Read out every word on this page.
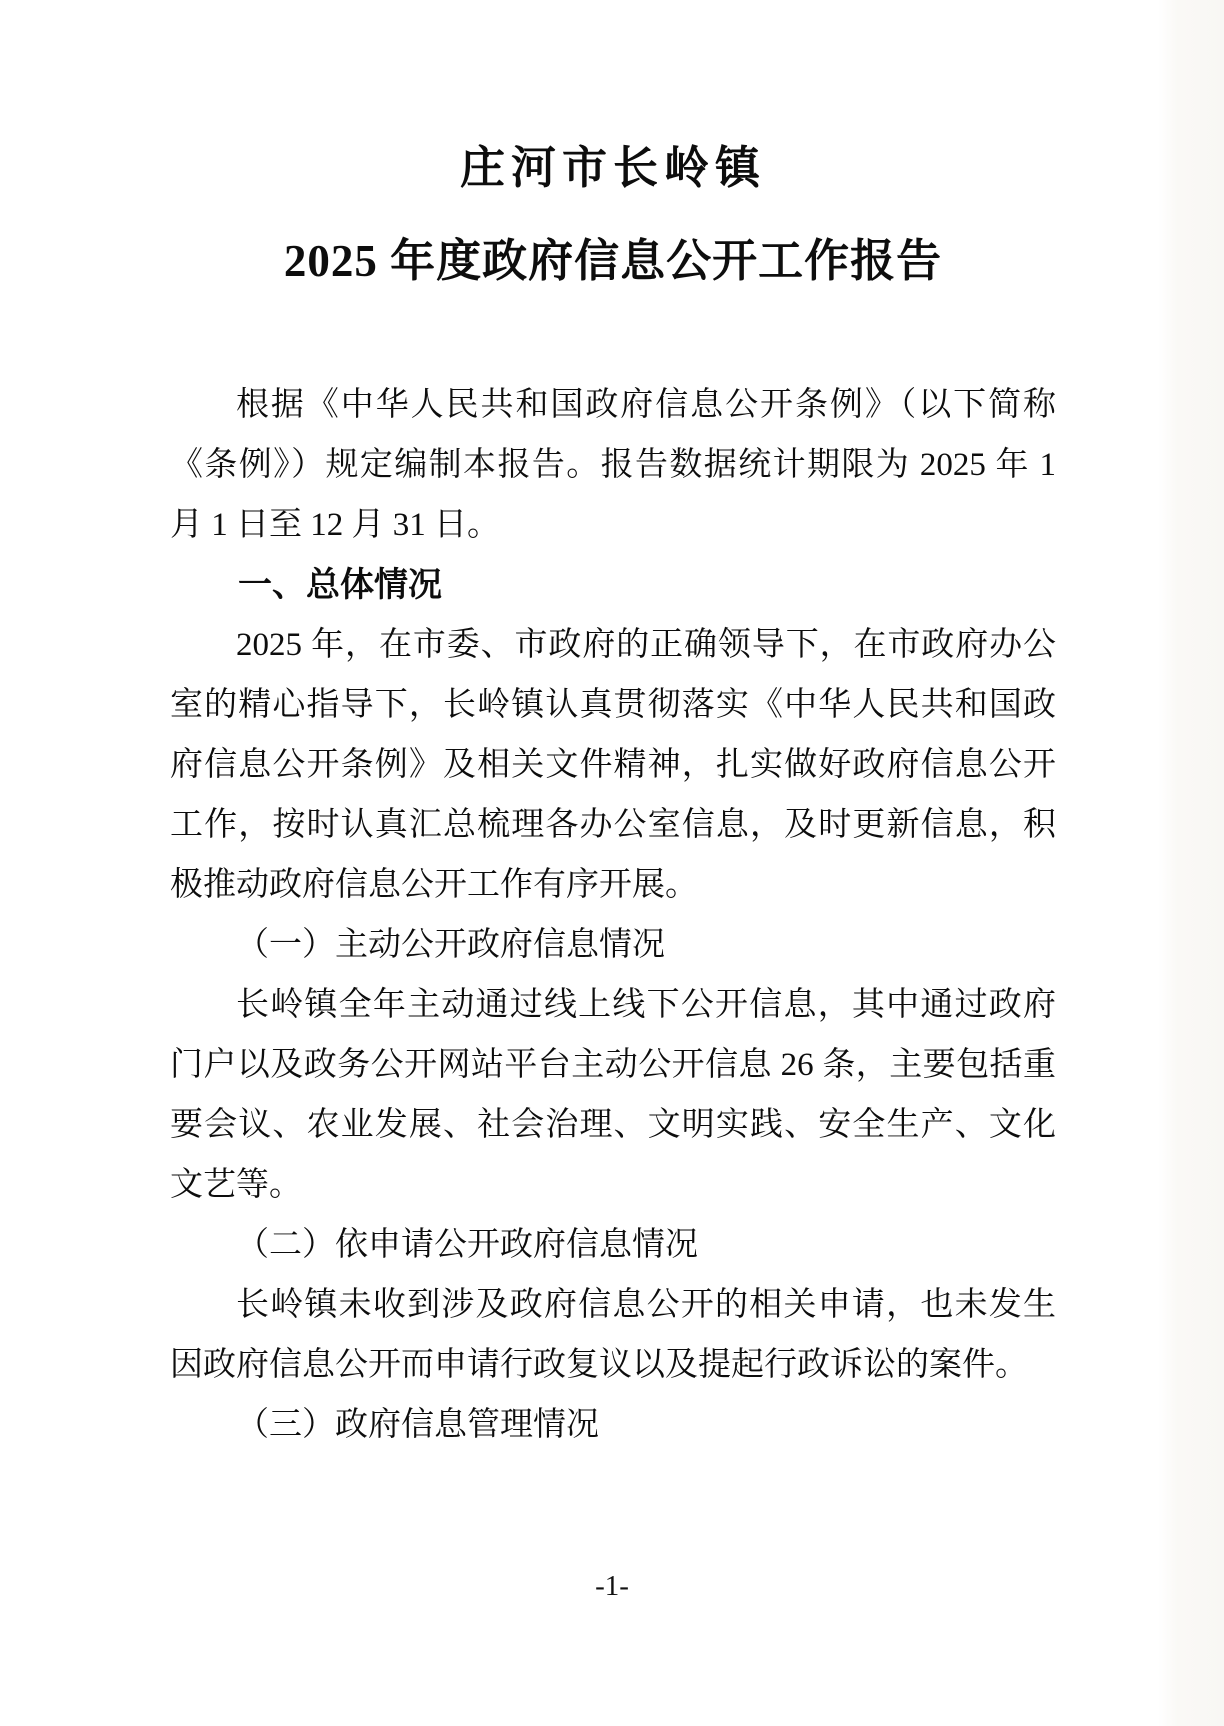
庄河市长岭镇
2025 年度政府信息公开工作报告

根据《中华人民共和国政府信息公开条例》（以下简称《条例》）规定编制本报告。报告数据统计期限为 2025 年 1 月 1 日至 12 月 31 日。

一、总体情况

2025 年，在市委、市政府的正确领导下，在市政府办公室的精心指导下，长岭镇认真贯彻落实《中华人民共和国政府信息公开条例》及相关文件精神，扎实做好政府信息公开工作，按时认真汇总梳理各办公室信息，及时更新信息，积极推动政府信息公开工作有序开展。

（一）主动公开政府信息情况

长岭镇全年主动通过线上线下公开信息，其中通过政府门户以及政务公开网站平台主动公开信息 26 条，主要包括重要会议、农业发展、社会治理、文明实践、安全生产、文化文艺等。

（二）依申请公开政府信息情况

长岭镇未收到涉及政府信息公开的相关申请，也未发生因政府信息公开而申请行政复议以及提起行政诉讼的案件。

（三）政府信息管理情况

-1-
